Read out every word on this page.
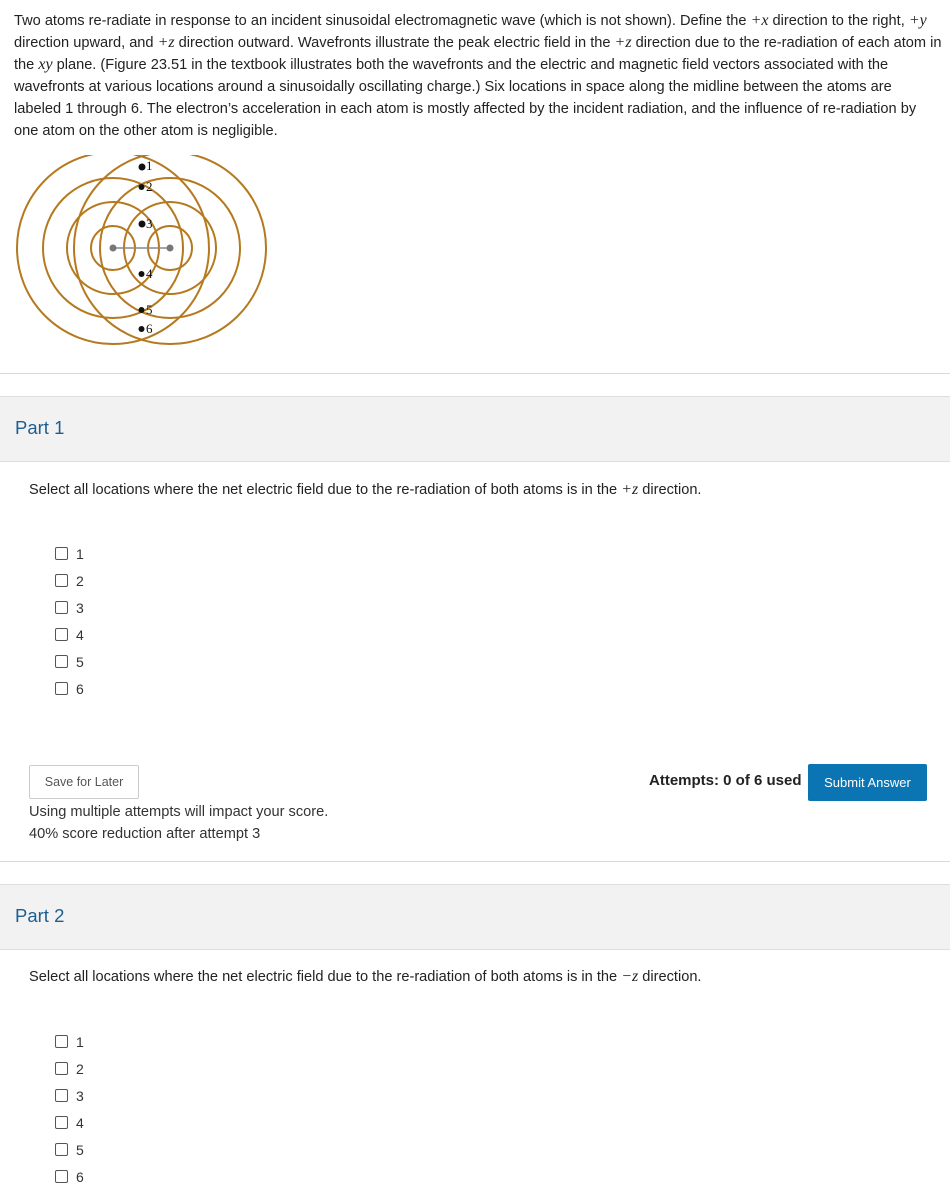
Two atoms re-radiate in response to an incident sinusoidal electromagnetic wave (which is not shown). Define the +x direction to the right, +y direction upward, and +z direction outward. Wavefronts illustrate the peak electric field in the +z direction due to the re-radiation of each atom in the xy plane. (Figure 23.51 in the textbook illustrates both the wavefronts and the electric and magnetic field vectors associated with the wavefronts at various locations around a sinusoidally oscillating charge.) Six locations in space along the midline between the atoms are labeled 1 through 6. The electron’s acceleration in each atom is mostly affected by the incident radiation, and the influence of re-radiation by one atom on the other atom is negligible.
1
2
3
4
5
6
Part 1
Select all locations where the net electric field due to the re-radiation of both atoms is in the +z direction.
1
2
3
4
5
6
Save for Later	Attempts: 0 of 6 used	Submit Answer
Using multiple attempts will impact your score.
40% score reduction after attempt 3
Part 2
Select all locations where the net electric field due to the re-radiation of both atoms is in the −z direction.
1
2
3
4
5
6
